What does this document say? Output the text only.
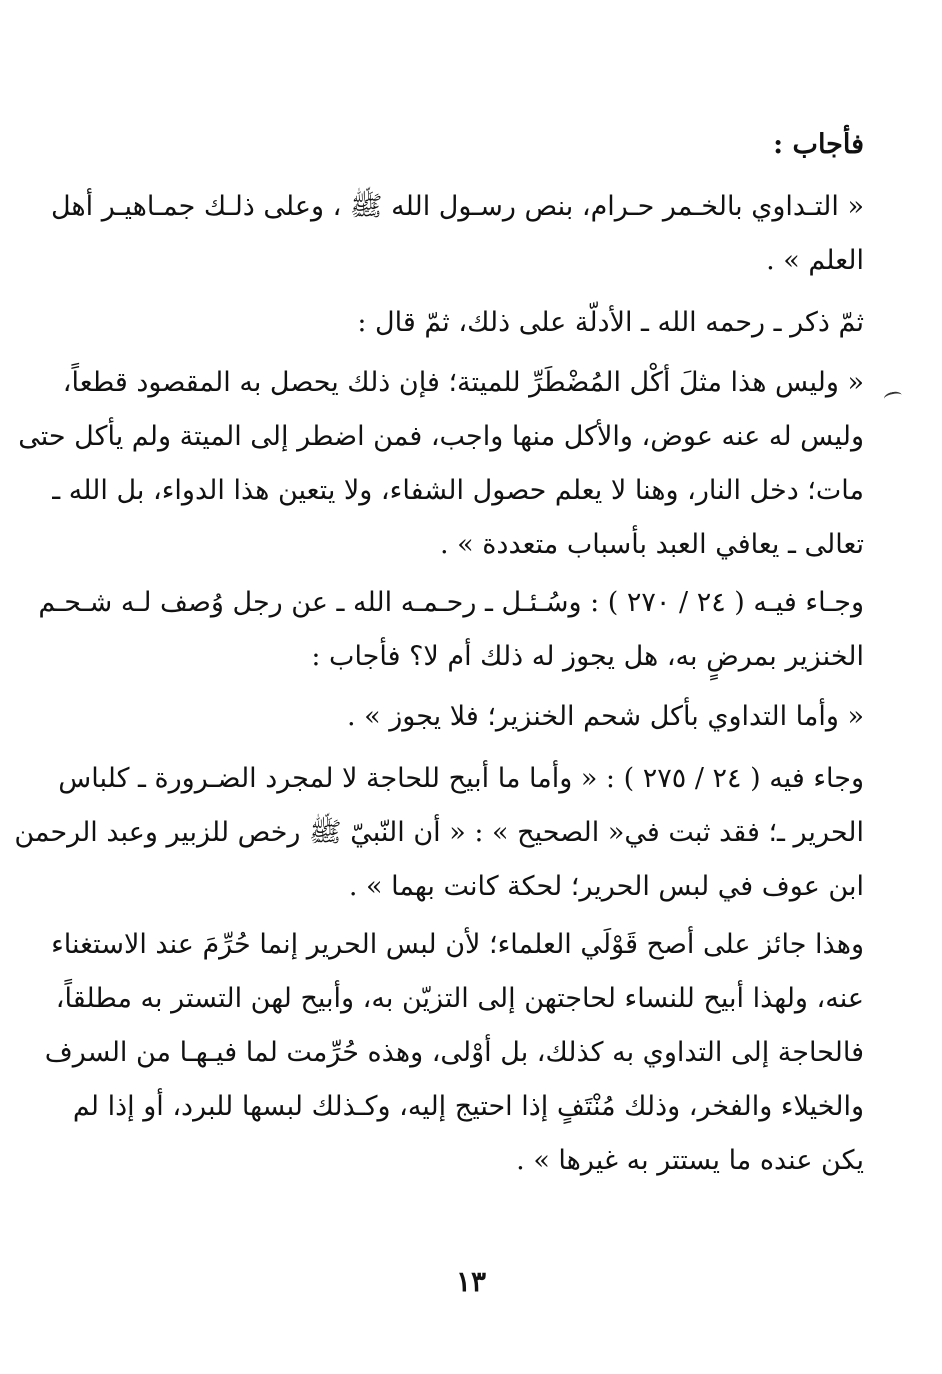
فأجاب :
« التـداوي بالخـمر حـرام، بنص رسـول الله ﷺ ، وعلى ذلـك جمـاهيـر أهل
العلم » .
ثمّ ذكر ـ رحمه الله ـ الأدلّة على ذلك، ثمّ قال :
« وليس هذا مثلَ أكْل المُضْطَرِّ للميتة؛ فإن ذلك يحصل به المقصود قطعاً،
وليس له عنه عوض، والأكل منها واجب، فمن اضطر إلى الميتة ولم يأكل حتى
مات؛ دخل النار، وهنا لا يعلم حصول الشفاء، ولا يتعين هذا الدواء، بل الله ـ
تعالى ـ يعافي العبد بأسباب متعددة » .
وجـاء فيـه ( ٢٤ / ٢٧٠ ) : وسُـئـل ـ رحـمـه الله ـ عن رجل وُصف لـه شـحـم
الخنزير بمرضٍ به، هل يجوز له ذلك أم لا؟ فأجاب :
« وأما التداوي بأكل شحم الخنزير؛ فلا يجوز » .
وجاء فيه ( ٢٤ / ٢٧٥ ) : « وأما ما أبيح للحاجة لا لمجرد الضـرورة ـ كلباس
الحرير ـ؛ فقد ثبت في« الصحيح » : « أن النّبيّ ﷺ رخص للزبير وعبد الرحمن
ابن عوف في لبس الحرير؛ لحكة كانت بهما » .
وهذا جائز على أصح قَوْلَي العلماء؛ لأن لبس الحرير إنما حُرِّمَ عند الاستغناء
عنه، ولهذا أبيح للنساء لحاجتهن إلى التزيّن به، وأبيح لهن التستر به مطلقاً،
فالحاجة إلى التداوي به كذلك، بل أوْلى، وهذه حُرِّمت لما فيـهـا من السرف
والخيلاء والفخر، وذلك مُنْتَفٍ إذا احتيج إليه، وكـذلك لبسها للبرد، أو إذا لم
يكن عنده ما يستتر به غيرها » .
١٣
